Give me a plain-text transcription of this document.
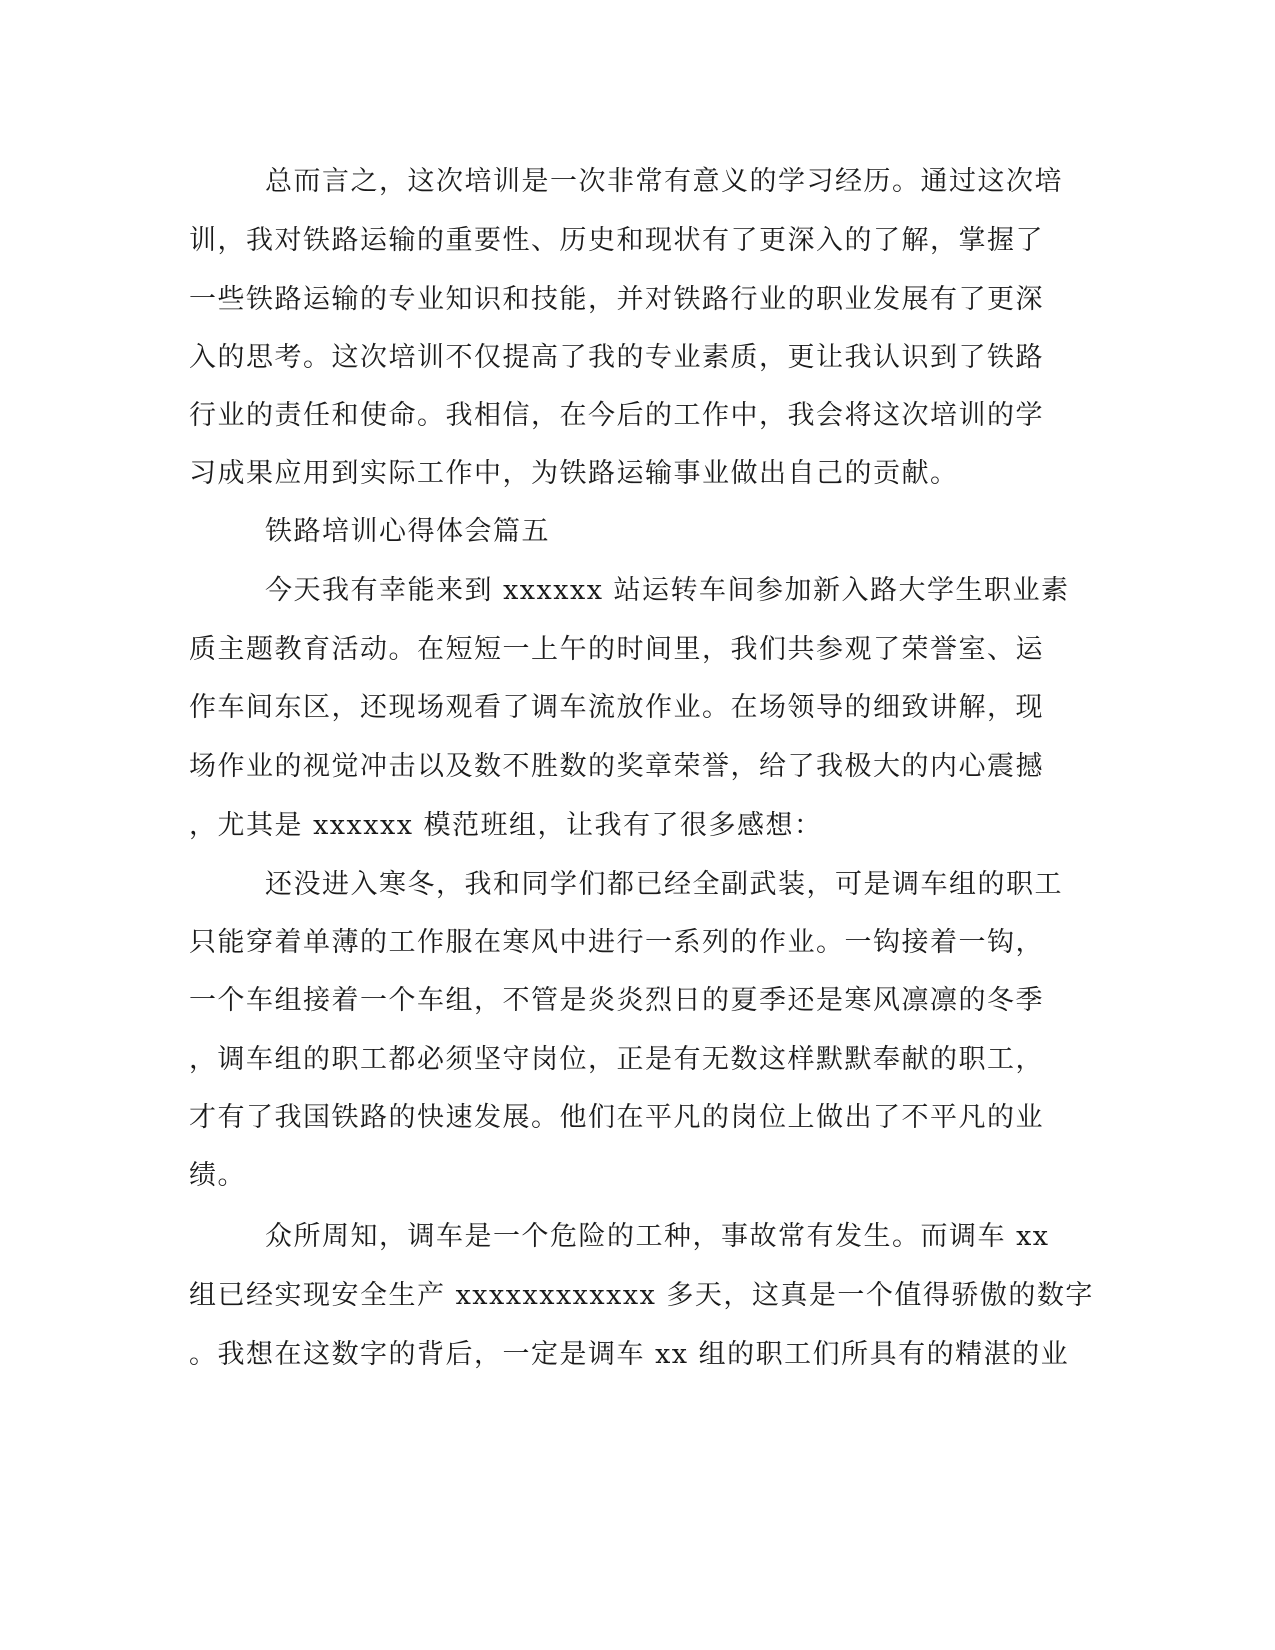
总而言之，这次培训是一次非常有意义的学习经历。通过这次培
训，我对铁路运输的重要性、历史和现状有了更深入的了解，掌握了
一些铁路运输的专业知识和技能，并对铁路行业的职业发展有了更深
入的思考。这次培训不仅提高了我的专业素质，更让我认识到了铁路
行业的责任和使命。我相信，在今后的工作中，我会将这次培训的学
习成果应用到实际工作中，为铁路运输事业做出自己的贡献。
铁路培训心得体会篇五
今天我有幸能来到 xxxxxx 站运转车间参加新入路大学生职业素
质主题教育活动。在短短一上午的时间里，我们共参观了荣誉室、运
作车间东区，还现场观看了调车流放作业。在场领导的细致讲解，现
场作业的视觉冲击以及数不胜数的奖章荣誉，给了我极大的内心震撼
，尤其是 xxxxxx 模范班组，让我有了很多感想：
还没进入寒冬，我和同学们都已经全副武装，可是调车组的职工
只能穿着单薄的工作服在寒风中进行一系列的作业。一钩接着一钩，
一个车组接着一个车组，不管是炎炎烈日的夏季还是寒风凛凛的冬季
，调车组的职工都必须坚守岗位，正是有无数这样默默奉献的职工，
才有了我国铁路的快速发展。他们在平凡的岗位上做出了不平凡的业
绩。
众所周知，调车是一个危险的工种，事故常有发生。而调车 xx
组已经实现安全生产 xxxxxxxxxxxx 多天，这真是一个值得骄傲的数字
。我想在这数字的背后，一定是调车 xx 组的职工们所具有的精湛的业
